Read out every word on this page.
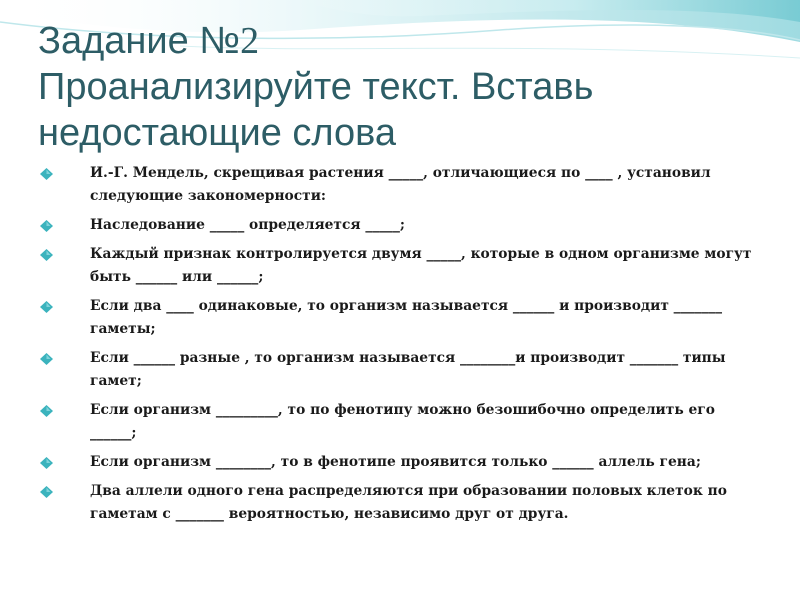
Задание №2
Проанализируйте текст. Вставь
недостающие слова
И.-Г. Мендель, скрещивая растения _____, отличающиеся по ____ , установил следующие закономерности:
Наследование _____ определяется _____;
Каждый признак контролируется двумя _____, которые в одном организме могут быть ______ или ______;
Если два ____ одинаковые, то организм называется ______ и производит _______ гаметы;
Если ______ разные , то организм называется ________и производит _______ типы гамет;
Если организм _________, то по фенотипу можно безошибочно определить его ______;
Если организм ________, то в фенотипе проявится только ______ аллель гена;
Два аллели одного гена распределяются при образовании половых клеток по гаметам с _______ вероятностью, независимо друг от друга.
